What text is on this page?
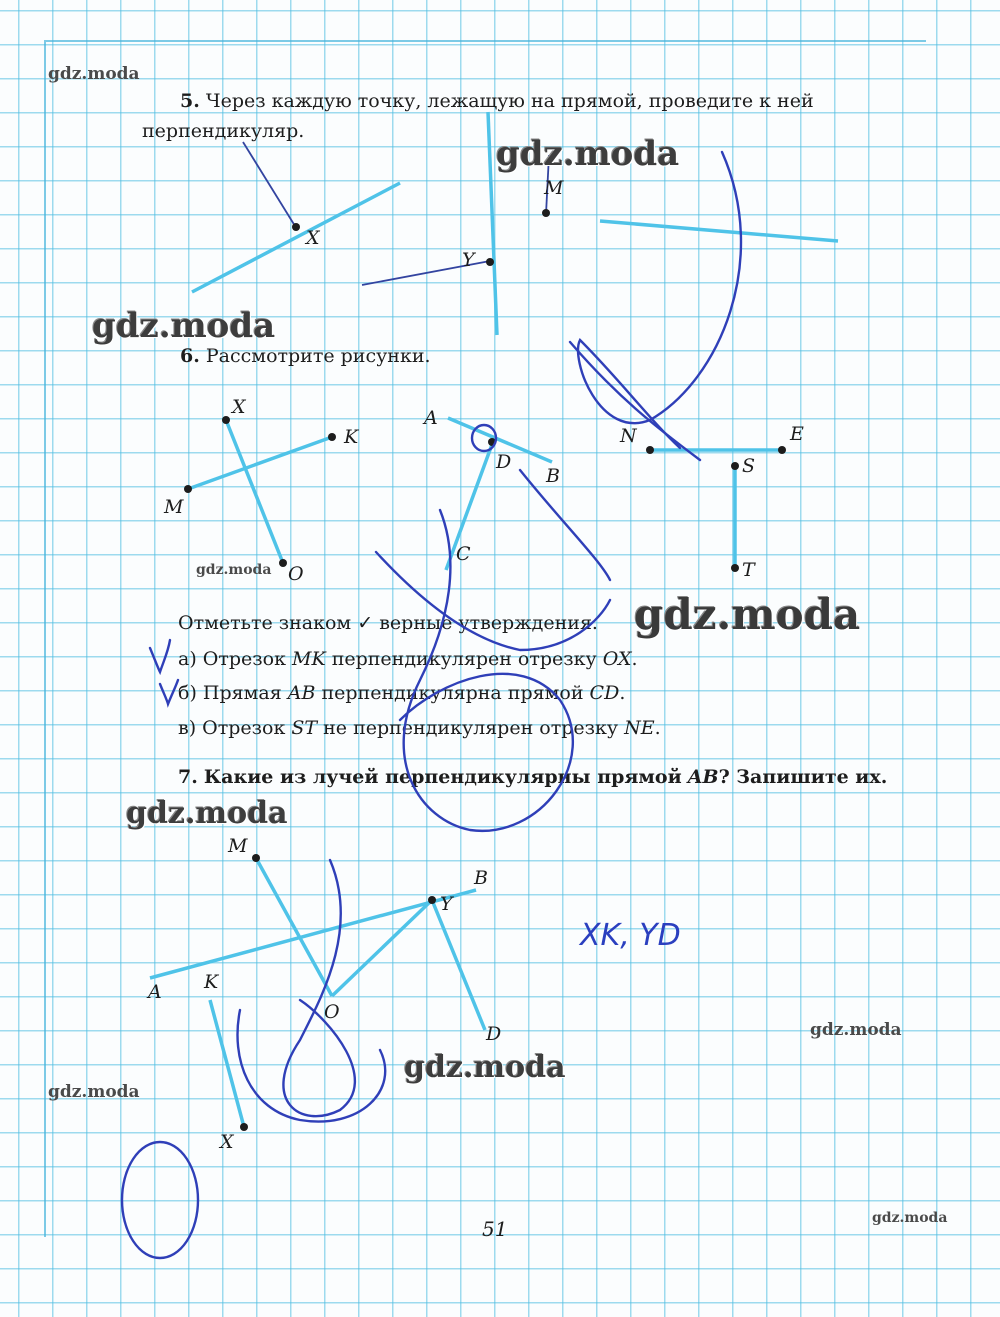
5. Через каждую точку, лежащую на прямой, проведите к ней
перпендикуляр.
6. Рассмотрите рисунки.
Отметьте знаком ✓ верные утверждения.
а) Отрезок MK перпендикулярен отрезку OX.
б) Прямая AB перпендикулярна прямой CD.
в) Отрезок ST не перпендикулярен отрезку NE.
7. Какие из лучей перпендикулярны прямой AB? Запишите их.
51
X
Y
M
X
K
M
O
A
B
D
C
N	E
S
T
M
B
Y
A K
O
D
X
XK, YD
gdz.moda
gdz.moda
gdz.moda
gdz.moda
gdz.moda
gdz.moda
gdz.moda
gdz.moda
gdz.moda
gdz.moda
